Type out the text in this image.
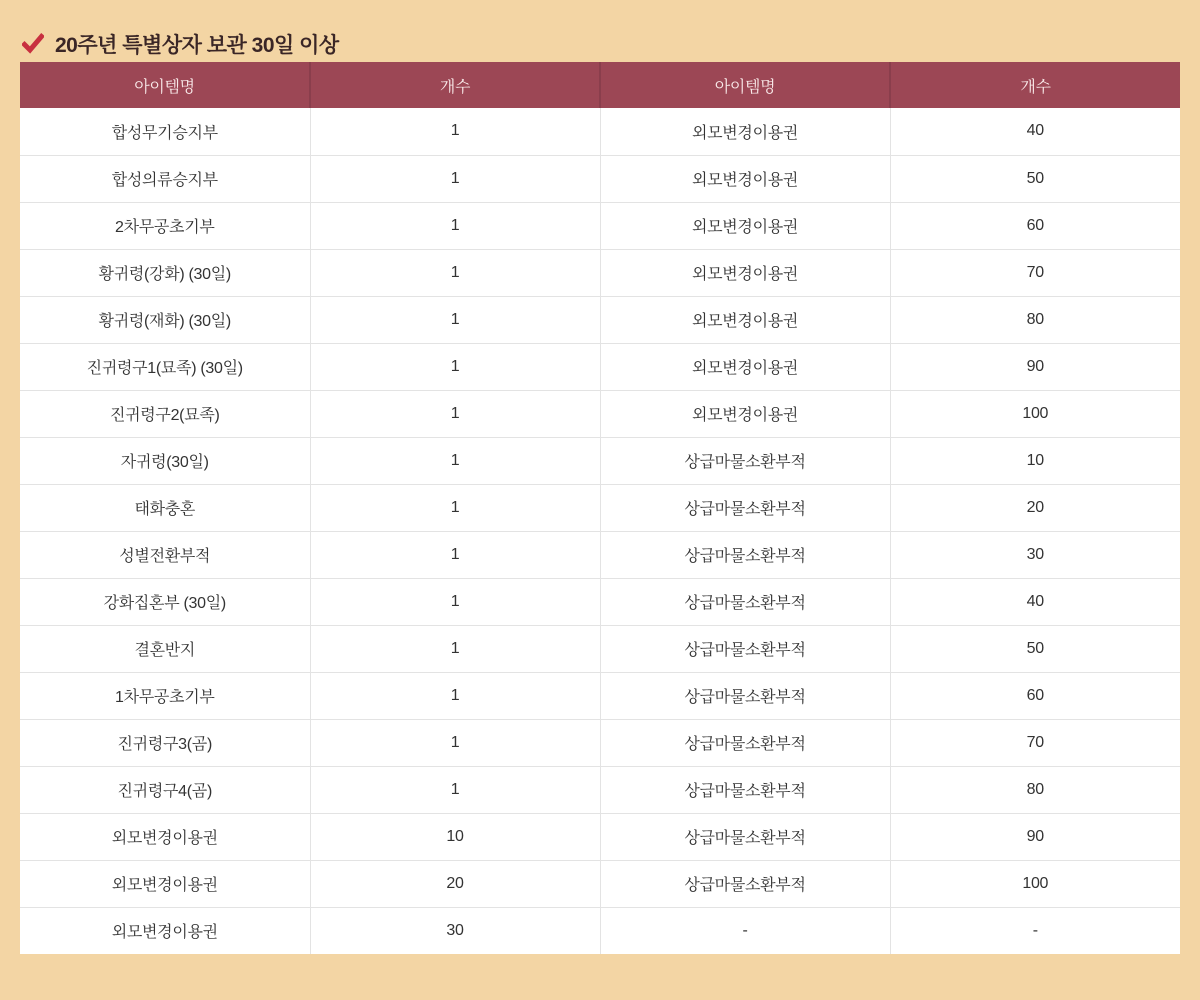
20주년 특별상자 보관 30일 이상
아이템명	개수	아이템명	개수
합성무기승지부	1	외모변경이용권	40
합성의류승지부	1	외모변경이용권	50
2차무공초기부	1	외모변경이용권	60
황귀령(강화) (30일)	1	외모변경이용권	70
황귀령(재화) (30일)	1	외모변경이용권	80
진귀령구1(묘족) (30일)	1	외모변경이용권	90
진귀령구2(묘족)	1	외모변경이용권	100
자귀령(30일)	1	상급마물소환부적	10
태화충혼	1	상급마물소환부적	20
성별전환부적	1	상급마물소환부적	30
강화집혼부 (30일)	1	상급마물소환부적	40
결혼반지	1	상급마물소환부적	50
1차무공초기부	1	상급마물소환부적	60
진귀령구3(곰)	1	상급마물소환부적	70
진귀령구4(곰)	1	상급마물소환부적	80
외모변경이용권	10	상급마물소환부적	90
외모변경이용권	20	상급마물소환부적	100
외모변경이용권	30	-	-
